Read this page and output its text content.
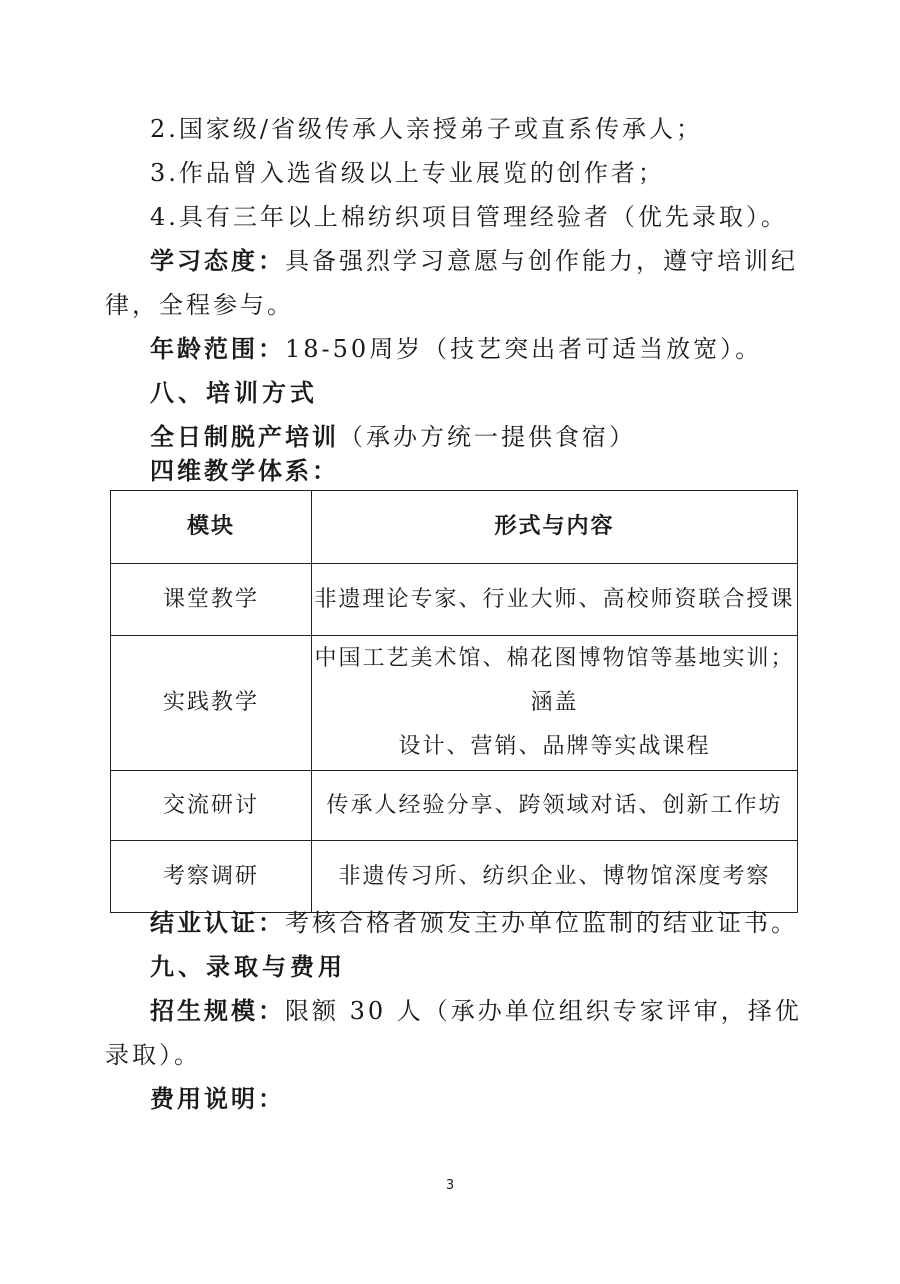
2.国家级/省级传承人亲授弟子或直系传承人；
3.作品曾入选省级以上专业展览的创作者；
4.具有三年以上棉纺织项目管理经验者（优先录取）。
学习态度：具备强烈学习意愿与创作能力，遵守培训纪
律，全程参与。
年龄范围：18-50周岁（技艺突出者可适当放宽）。
八、培训方式
全日制脱产培训（承办方统一提供食宿）
四维教学体系：
模块	形式与内容
课堂教学	非遗理论专家、行业大师、高校师资联合授课
实践教学	中国工艺美术馆、棉花图博物馆等基地实训；涵盖
设计、营销、品牌等实战课程

交流研讨	传承人经验分享、跨领域对话、创新工作坊
考察调研	非遗传习所、纺织企业、博物馆深度考察
结业认证：考核合格者颁发主办单位监制的结业证书。
九、录取与费用
招生规模：限额 30 人（承办单位组织专家评审，择优
录取）。
费用说明：
3
